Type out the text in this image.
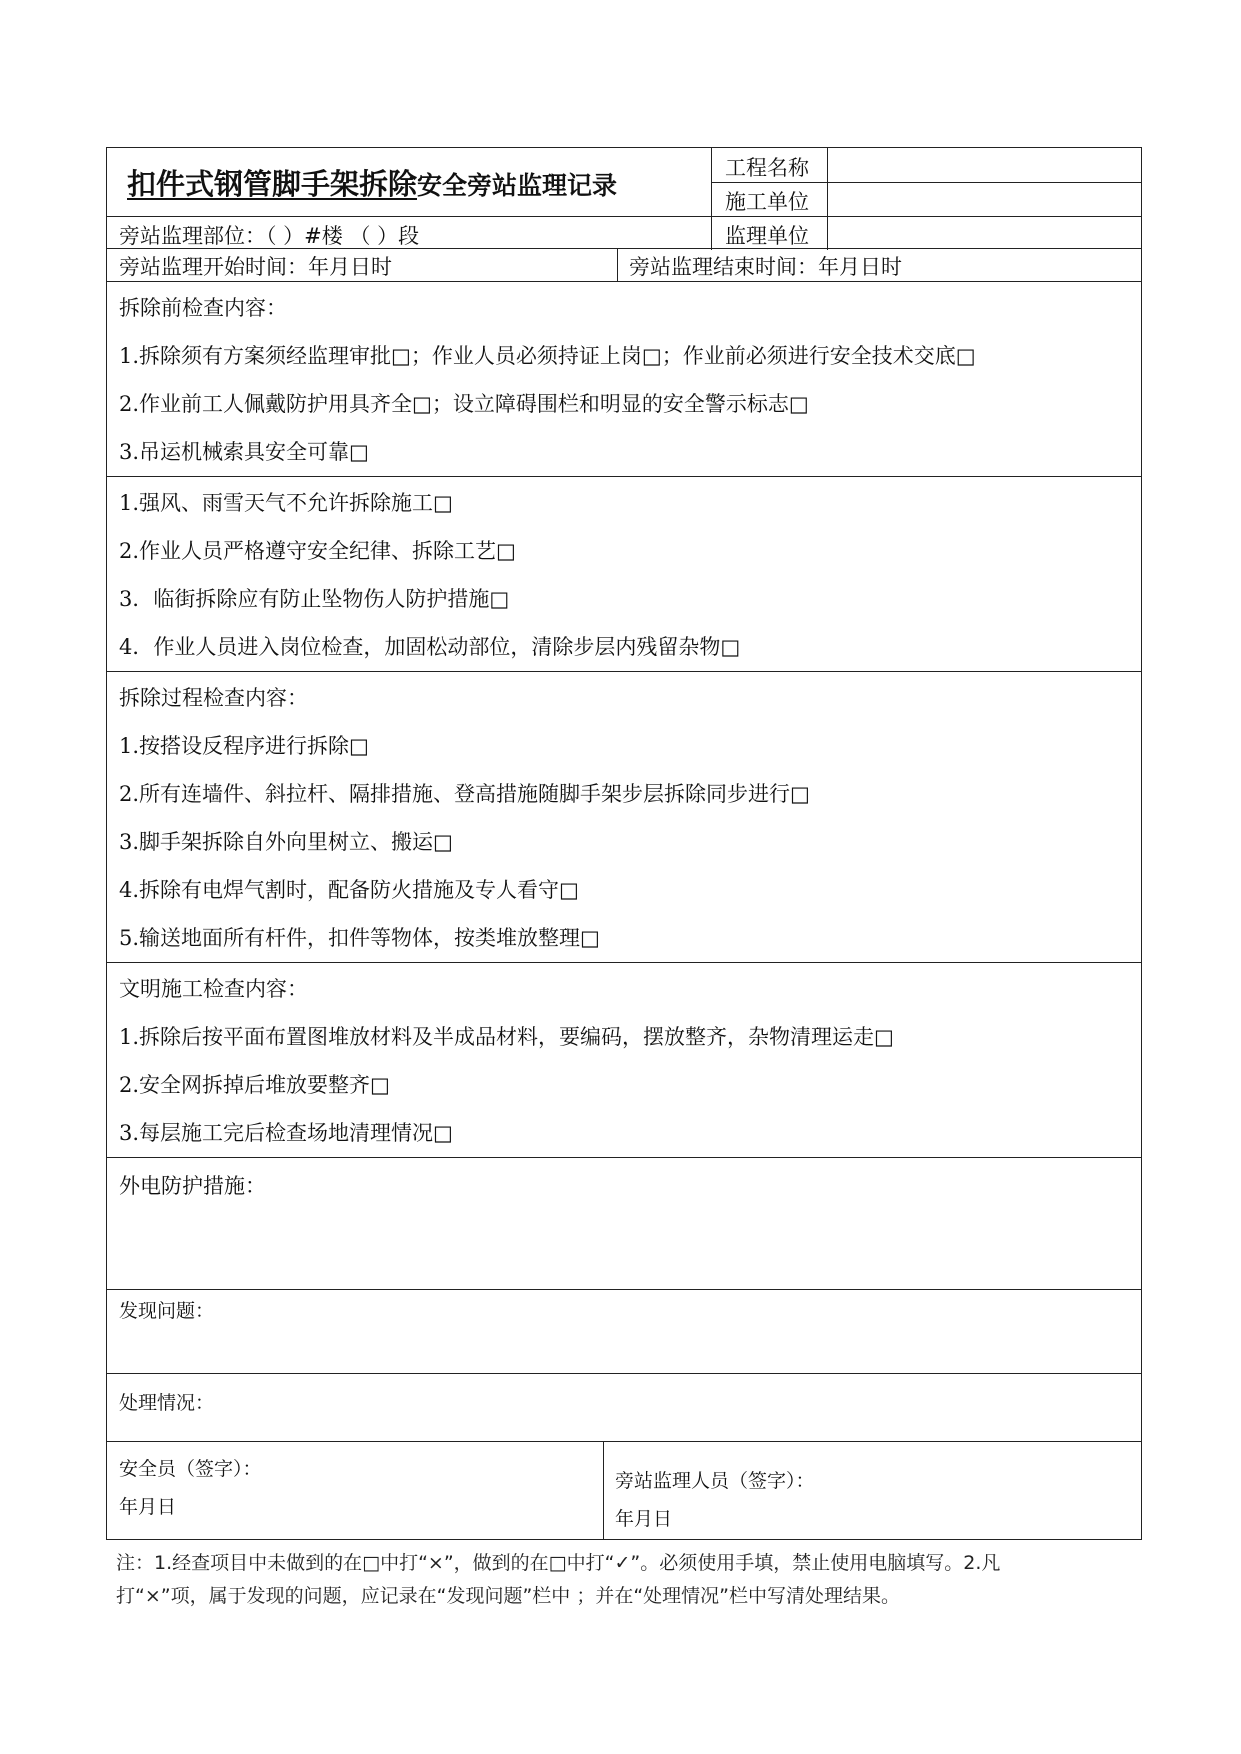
扣件式钢管脚手架拆除安全旁站监理记录
旁站监理部位：（ ）#楼 （ ）段
工程名称
施工单位
监理单位
旁站监理开始时间：年月日时	旁站监理结束时间：年月日时
拆除前检查内容：
1.拆除须有方案须经监理审批□；作业人员必须持证上岗□；作业前必须进行安全技术交底□
2.作业前工人佩戴防护用具齐全□；设立障碍围栏和明显的安全警示标志□
3.吊运机械索具安全可靠□
1.强风、雨雪天气不允许拆除施工□
2.作业人员严格遵守安全纪律、拆除工艺□
3．临街拆除应有防止坠物伤人防护措施□
4．作业人员进入岗位检查，加固松动部位，清除步层内残留杂物□
拆除过程检查内容：
1.按搭设反程序进行拆除□
2.所有连墙件、斜拉杆、隔排措施、登高措施随脚手架步层拆除同步进行□
3.脚手架拆除自外向里树立、搬运□
4.拆除有电焊气割时，配备防火措施及专人看守□
5.输送地面所有杆件，扣件等物体，按类堆放整理□
文明施工检查内容：
1.拆除后按平面布置图堆放材料及半成品材料，要编码，摆放整齐，杂物清理运走□
2.安全网拆掉后堆放要整齐□
3.每层施工完后检查场地清理情况□
外电防护措施：
发现问题：
处理情况：
安全员（签字）：
年月日
旁站监理人员（签字）：
年月日
注：1.经查项目中未做到的在□中打“×”，做到的在□中打“✓”。必须使用手填，禁止使用电脑填写。2.凡
打“×”项，属于发现的问题，应记录在“发现问题”栏中 ；并在“处理情况”栏中写清处理结果。
